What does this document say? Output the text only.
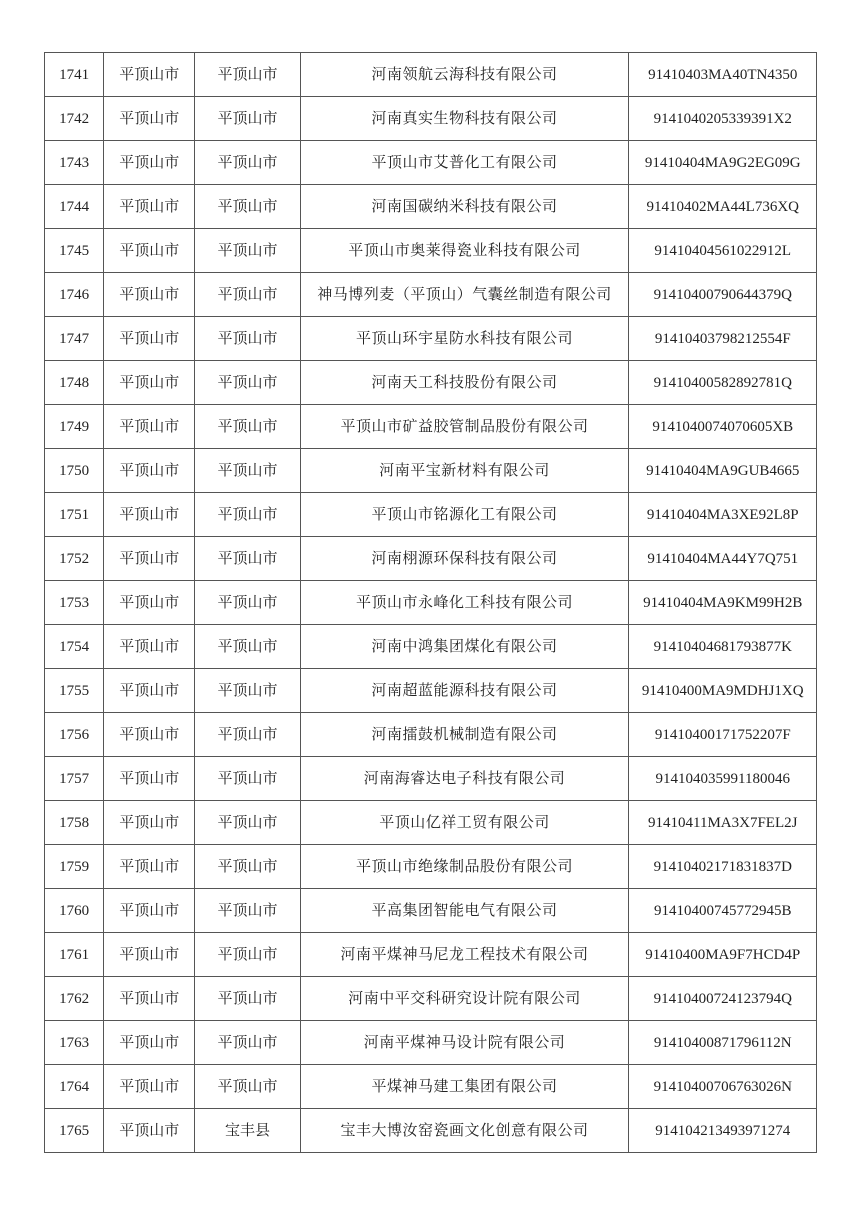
1741	平顶山市	平顶山市	河南领航云海科技有限公司	91410403MA40TN4350
1742	平顶山市	平顶山市	河南真实生物科技有限公司	9141040205339391X2
1743	平顶山市	平顶山市	平顶山市艾普化工有限公司	91410404MA9G2EG09G
1744	平顶山市	平顶山市	河南国碳纳米科技有限公司	91410402MA44L736XQ
1745	平顶山市	平顶山市	平顶山市奥莱得瓷业科技有限公司	91410404561022912L
1746	平顶山市	平顶山市	神马博列麦（平顶山）气囊丝制造有限公司	91410400790644379Q
1747	平顶山市	平顶山市	平顶山环宇星防水科技有限公司	91410403798212554F
1748	平顶山市	平顶山市	河南天工科技股份有限公司	91410400582892781Q
1749	平顶山市	平顶山市	平顶山市矿益胶管制品股份有限公司	9141040074070605XB
1750	平顶山市	平顶山市	河南平宝新材料有限公司	91410404MA9GUB4665
1751	平顶山市	平顶山市	平顶山市铭源化工有限公司	91410404MA3XE92L8P
1752	平顶山市	平顶山市	河南栩源环保科技有限公司	91410404MA44Y7Q751
1753	平顶山市	平顶山市	平顶山市永峰化工科技有限公司	91410404MA9KM99H2B
1754	平顶山市	平顶山市	河南中鸿集团煤化有限公司	91410404681793877K
1755	平顶山市	平顶山市	河南超蓝能源科技有限公司	91410400MA9MDHJ1XQ
1756	平顶山市	平顶山市	河南擂鼓机械制造有限公司	91410400171752207F
1757	平顶山市	平顶山市	河南海睿达电子科技有限公司	914104035991180046
1758	平顶山市	平顶山市	平顶山亿祥工贸有限公司	91410411MA3X7FEL2J
1759	平顶山市	平顶山市	平顶山市绝缘制品股份有限公司	91410402171831837D
1760	平顶山市	平顶山市	平高集团智能电气有限公司	91410400745772945B
1761	平顶山市	平顶山市	河南平煤神马尼龙工程技术有限公司	91410400MA9F7HCD4P
1762	平顶山市	平顶山市	河南中平交科研究设计院有限公司	91410400724123794Q
1763	平顶山市	平顶山市	河南平煤神马设计院有限公司	91410400871796112N
1764	平顶山市	平顶山市	平煤神马建工集团有限公司	91410400706763026N
1765	平顶山市	宝丰县	宝丰大博汝窑瓷画文化创意有限公司	914104213493971274
